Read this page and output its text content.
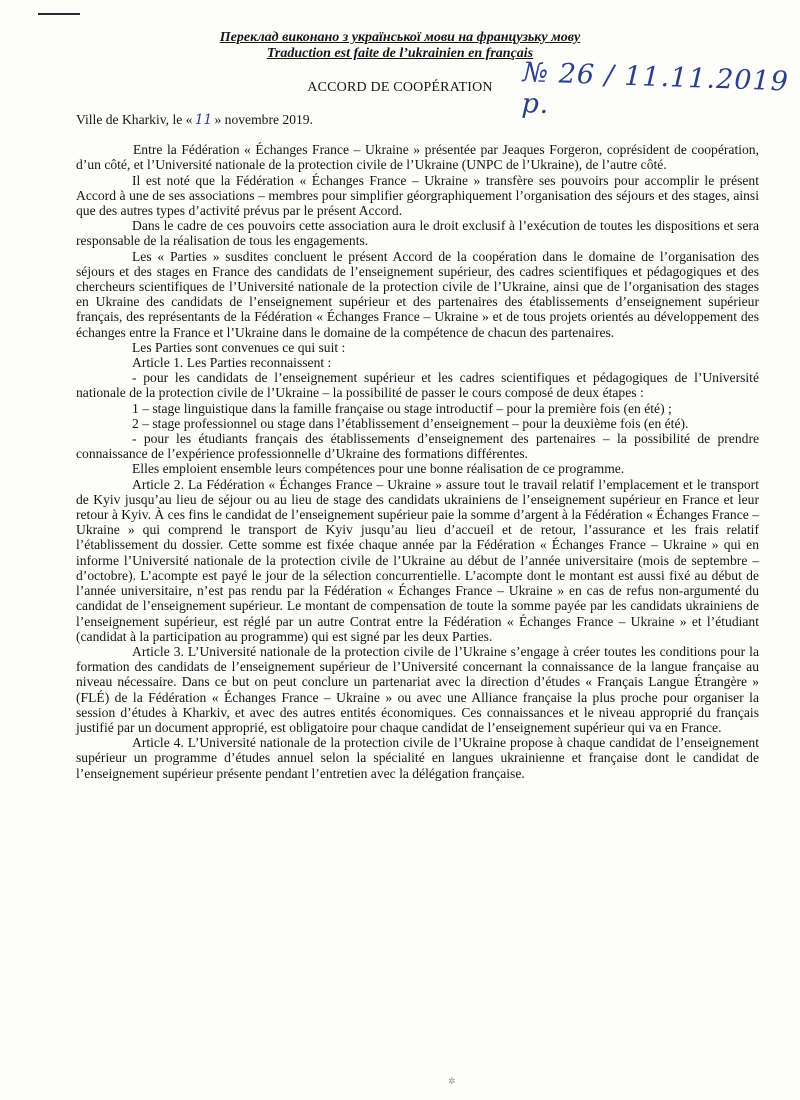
Переклад виконано з української мови на французьку мову
Traduction est faite de l’ukrainien en français
ACCORD DE COOPÉRATION	№ 26 / 11.11.2019 р.

Ville de Kharkiv, le « 11 » novembre 2019.

Entre la Fédération « Échanges France – Ukraine » présentée par Jeaques Forgeron, coprésident de coopération, d’un côté, et l’Université nationale de la protection civile de l’Ukraine (UNPC de l’Ukraine), de l’autre côté.

Il est noté que la Fédération « Échanges France – Ukraine » transfère ses pouvoirs pour accomplir le présent Accord à une de ses associations – membres pour simplifier géorgraphiquement l’organisation des séjours et des stages, ainsi que des autres types d’activité prévus par le présent Accord.

Dans le cadre de ces pouvoirs cette association aura le droit exclusif à l’exécution de toutes les dispositions et sera responsable de la réalisation de tous les engagements.

Les « Parties » susdites concluent le présent Accord de la coopération dans le domaine de l’organisation des séjours et des stages en France des candidats de l’enseignement supérieur, des cadres scientifiques et pédagogiques et des chercheurs scientifiques de l’Université nationale de la protection civile de l’Ukraine, ainsi que de l’organisation des stages en Ukraine des candidats de l’enseignement supérieur et des partenaires des établissements d’enseignement supérieur français, des représentants de la Fédération « Échanges France – Ukraine » et de tous projets orientés au développement des échanges entre la France et l’Ukraine dans le domaine de la compétence de chacun des partenaires.

Les Parties sont convenues ce qui suit :

Article 1. Les Parties reconnaissent :

- pour les candidats de l’enseignement supérieur et les cadres scientifiques et pédagogiques de l’Université nationale de la protection civile de l’Ukraine – la possibilité de passer le cours composé de deux étapes :

1 – stage linguistique dans la famille française ou stage introductif – pour la première fois (en été) ;

2 – stage professionnel ou stage dans l’établissement d’enseignement – pour la deuxième fois (en été).

- pour les étudiants français des établissements d’enseignement des partenaires – la possibilité de prendre connaissance de l’expérience professionnelle d’Ukraine des formations différentes.

Elles emploient ensemble leurs compétences pour une bonne réalisation de ce programme.

Article 2. La Fédération « Échanges France – Ukraine » assure tout le travail relatif l’emplacement et le transport de Kyiv jusqu’au lieu de séjour ou au lieu de stage des candidats ukrainiens de l’enseignement supérieur en France et leur retour à Kyiv. À ces fins le candidat de l’enseignement supérieur paie la somme d’argent à la Fédération « Échanges France – Ukraine » qui comprend le transport de Kyiv jusqu’au lieu d’accueil et de retour, l’assurance et les frais relatif l’établissement du dossier. Cette somme est fixée chaque année par la Fédération « Échanges France – Ukraine » qui en informe l’Université nationale de la protection civile de l’Ukraine au début de l’année universitaire (mois de septembre – d’octobre). L’acompte est payé le jour de la sélection concurrentielle. L’acompte dont le montant est aussi fixé au début de l’année universitaire, n’est pas rendu par la Fédération « Échanges France – Ukraine » en cas de refus non-argumenté du candidat de l’enseignement supérieur. Le montant de compensation de toute la somme payée par les candidats ukrainiens de l’enseignement supérieur, est réglé par un autre Contrat entre la Fédération « Échanges France – Ukraine » et l’étudiant (candidat à la participation au programme) qui est signé par les deux Parties.

Article 3. L’Université nationale de la protection civile de l’Ukraine s’engage à créer toutes les conditions pour la formation des candidats de l’enseignement supérieur de l’Université concernant la connaissance de la langue française au niveau nécessaire. Dans ce but on peut conclure un partenariat avec la direction d’études « Français Langue Étrangère » (FLÉ) de la Fédération « Échanges France – Ukraine » ou avec une Alliance française la plus proche pour organiser la session d’études à Kharkiv, et avec des autres entités économiques. Ces connaissances et le niveau approprié du français justifié par un document approprié, est obligatoire pour chaque candidat de l’enseignement supérieur qui va en France.

Article 4. L’Université nationale de la protection civile de l’Ukraine propose à chaque candidat de l’enseignement supérieur un programme d’études annuel selon la spécialité en langues ukrainienne et française dont le candidat de l’enseignement supérieur présente pendant l’entretien avec la délégation française.

✲
